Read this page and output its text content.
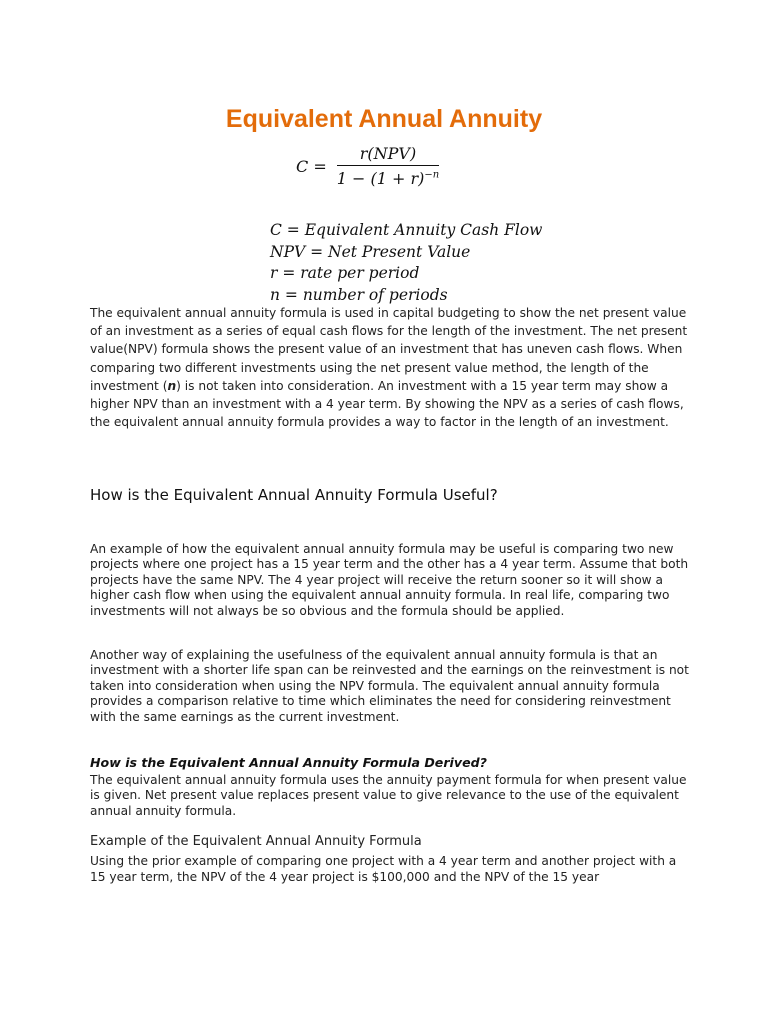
Equivalent Annual Annuity
$C = \frac{\text{r(NPV)}}{1 - (1 + r)^{-n}}$
C = Equivalent Annuity Cash Flow
NPV = Net Present Value
r = rate per period
n = number of periods

The equivalent annual annuity formula is used in capital budgeting to show the net present value of an investment as a series of equal cash flows for the length of the investment. The net present value(NPV) formula shows the present value of an investment that has uneven cash flows. When comparing two different investments using the net present value method, the length of the investment (n) is not taken into consideration. An investment with a 15 year term may show a higher NPV than an investment with a 4 year term. By showing the NPV as a series of cash flows, the equivalent annual annuity formula provides a way to factor in the length of an investment.

How is the Equivalent Annual Annuity Formula Useful?

An example of how the equivalent annual annuity formula may be useful is comparing two new projects where one project has a 15 year term and the other has a 4 year term. Assume that both projects have the same NPV. The 4 year project will receive the return sooner so it will show a higher cash flow when using the equivalent annual annuity formula. In real life, comparing two investments will not always be so obvious and the formula should be applied.

Another way of explaining the usefulness of the equivalent annual annuity formula is that an investment with a shorter life span can be reinvested and the earnings on the reinvestment is not taken into consideration when using the NPV formula. The equivalent annual annuity formula provides a comparison relative to time which eliminates the need for considering reinvestment with the same earnings as the current investment.

How is the Equivalent Annual Annuity Formula Derived?

The equivalent annual annuity formula uses the annuity payment formula for when present value is given. Net present value replaces present value to give relevance to the use of the equivalent annual annuity formula.

Example of the Equivalent Annual Annuity Formula

Using the prior example of comparing one project with a 4 year term and another project with a 15 year term, the NPV of the 4 year project is $100,000 and the NPV of the 15 year
